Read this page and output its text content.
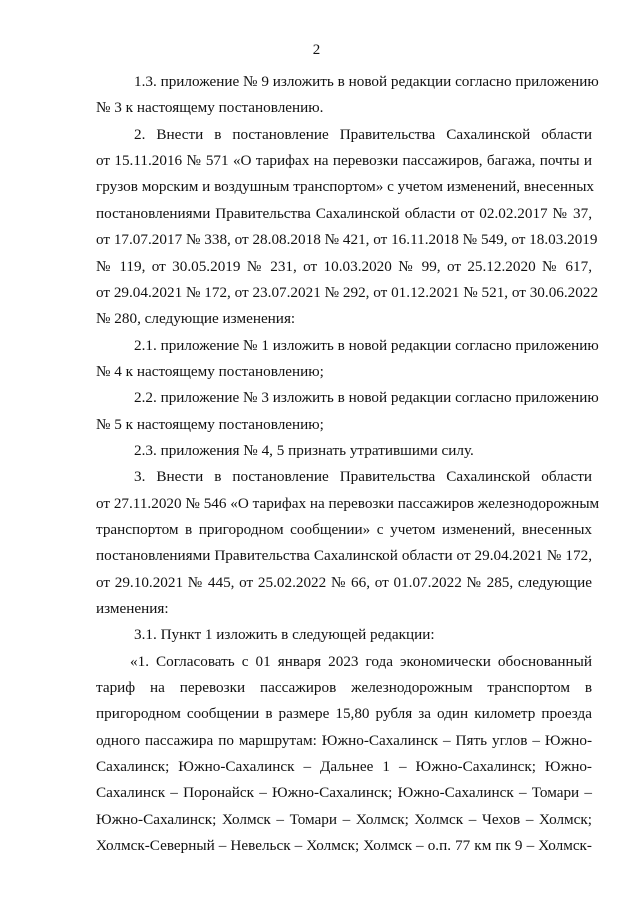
2
1.3. приложение № 9 изложить в новой редакции согласно приложению
№ 3 к настоящему постановлению.
2. Внести в постановление Правительства Сахалинской области
от 15.11.2016 № 571 «О тарифах на перевозки пассажиров, багажа, почты и
грузов морским и воздушным транспортом» с учетом изменений, внесенных
постановлениями Правительства Сахалинской области от 02.02.2017 № 37,
от 17.07.2017 № 338, от 28.08.2018 № 421, от 16.11.2018 № 549, от 18.03.2019
№ 119, от 30.05.2019 № 231, от 10.03.2020 № 99, от 25.12.2020 № 617,
от 29.04.2021 № 172, от 23.07.2021 № 292, от 01.12.2021 № 521, от 30.06.2022
№ 280, следующие изменения:
2.1. приложение № 1 изложить в новой редакции согласно приложению
№ 4 к настоящему постановлению;
2.2. приложение № 3 изложить в новой редакции согласно приложению
№ 5 к настоящему постановлению;
2.3. приложения № 4, 5 признать утратившими силу.
3. Внести в постановление Правительства Сахалинской области
от 27.11.2020 № 546 «О тарифах на перевозки пассажиров железнодорожным
транспортом в пригородном сообщении» с учетом изменений, внесенных
постановлениями Правительства Сахалинской области от 29.04.2021 № 172,
от 29.10.2021 № 445, от 25.02.2022 № 66, от 01.07.2022 № 285, следующие
изменения:
3.1. Пункт 1 изложить в следующей редакции:
«1. Согласовать с 01 января 2023 года экономически обоснованный
тариф на перевозки пассажиров железнодорожным транспортом в
пригородном сообщении в размере 15,80 рубля за один километр проезда
одного пассажира по маршрутам: Южно-Сахалинск – Пять углов – Южно-
Сахалинск; Южно-Сахалинск – Дальнее 1 – Южно-Сахалинск; Южно-
Сахалинск – Поронайск – Южно-Сахалинск; Южно-Сахалинск – Томари –
Южно-Сахалинск; Холмск – Томари – Холмск; Холмск – Чехов – Холмск;
Холмск-Северный – Невельск – Холмск; Холмск – о.п. 77 км пк 9 – Холмск-
